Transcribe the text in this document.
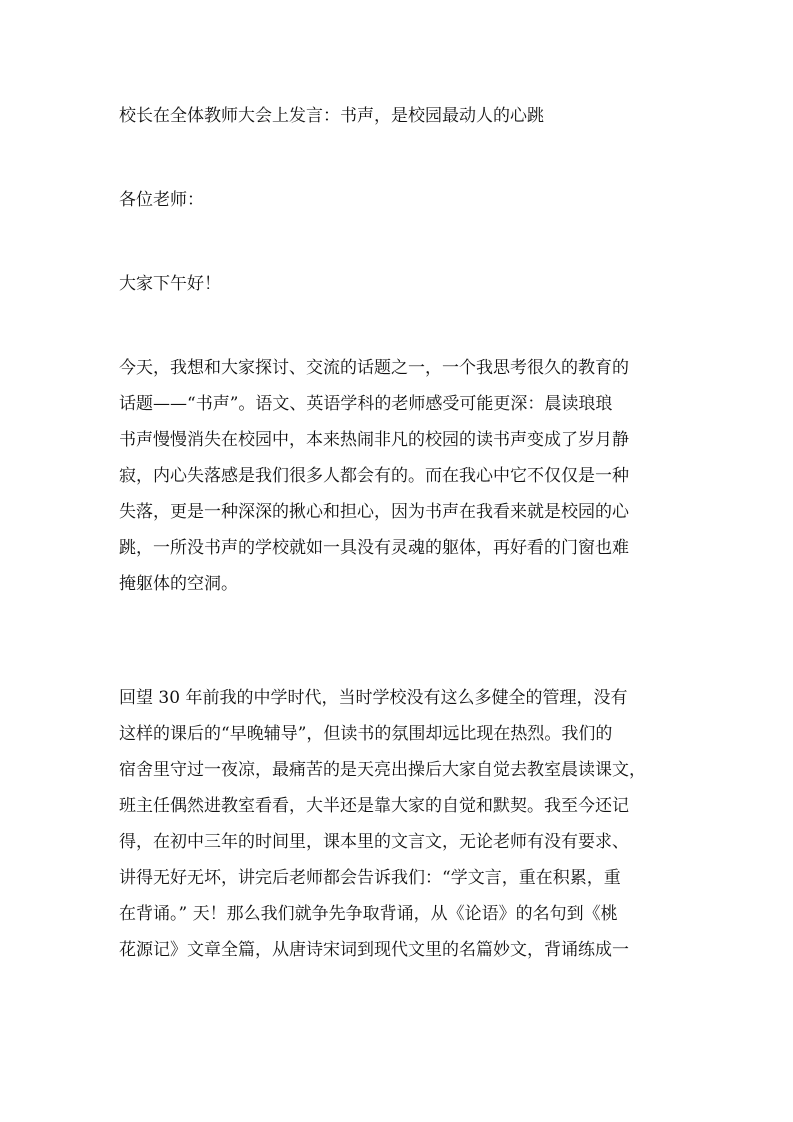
校长在全体教师大会上发言：书声，是校园最动人的心跳

各位老师：

大家下午好！

今天，我想和大家探讨、交流的话题之一，一个我思考很久的教育的
话题——“书声”。语文、英语学科的老师感受可能更深：晨读琅琅
书声慢慢消失在校园中，本来热闹非凡的校园的读书声变成了岁月静
寂，内心失落感是我们很多人都会有的。而在我心中它不仅仅是一种
失落，更是一种深深的揪心和担心，因为书声在我看来就是校园的心
跳，一所没书声的学校就如一具没有灵魂的躯体，再好看的门窗也难
掩躯体的空洞。

回望 30 年前我的中学时代，当时学校没有这么多健全的管理，没有
这样的课后的“早晚辅导”，但读书的氛围却远比现在热烈。我们的
宿舍里守过一夜凉，最痛苦的是天亮出操后大家自觉去教室晨读课文，
班主任偶然进教室看看，大半还是靠大家的自觉和默契。我至今还记
得，在初中三年的时间里，课本里的文言文，无论老师有没有要求、
讲得无好无坏，讲完后老师都会告诉我们：“学文言，重在积累，重
在背诵。” 天！那么我们就争先争取背诵，从《论语》的名句到《桃
花源记》文章全篇，从唐诗宋词到现代文里的名篇妙文，背诵练成一
